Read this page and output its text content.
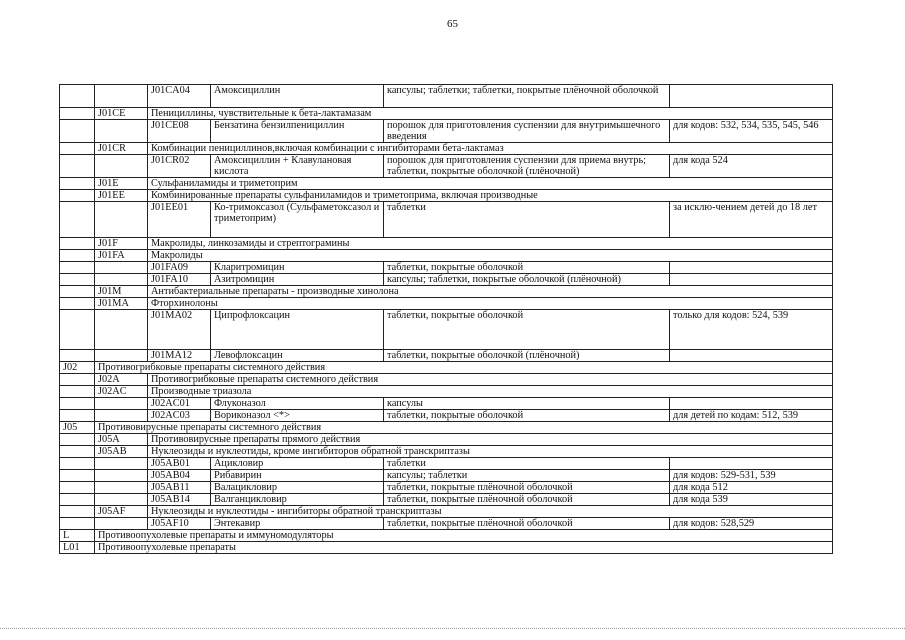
65
		J01CA04	Амоксициллин	капсулы; таблетки; таблетки, покрытые плёночной оболочкой	
	J01CE	Пенициллины, чувствительные к бета-лактамазам			
		J01CE08	Бензатина бензилпенициллин	порошок для приготовления суспензии для внутримышечного введения	для кодов: 532, 534, 535, 545, 546
	J01CR	Комбинации пенициллинов,включая комбинации с ингибиторами бета-лактамаз			
		J01CR02	Амоксициллин + Клавулановая кислота	порошок для приготовления суспензии для приема внутрь; таблетки, покрытые оболочкой (плёночной)	для кода 524
	J01E	Сульфаниламиды и триметоприм			
	J01EE	Комбинированные препараты сульфаниламидов и триметоприма, включая производные			
		J01EE01	Ко-тримоксазол (Сульфаметоксазол и триметоприм)	таблетки	за исклю-чением детей до 18 лет
	J01F	Макролиды, линкозамиды и стрептограмины			
	J01FA	Макролиды			
		J01FA09	Кларитромицин	таблетки, покрытые оболочкой	
		J01FA10	Азитромицин	капсулы; таблетки, покрытые оболочкой (плёночной)	
	J01M	Антибактериальные препараты - производные хинолона			
	J01MA	Фторхинолоны			
		J01MA02	Ципрофлоксацин	таблетки, покрытые оболочкой	только для кодов: 524, 539
		J01MA12	Левофлоксацин	таблетки, покрытые оболочкой (плёночной)	
J02	Противогрибковые препараты системного действия				
	J02A	Противогрибковые препараты системного действия			
	J02AC	Производные триазола			
		J02AC01	Флуконазол	капсулы	
		J02AC03	Вориконазол <*>	таблетки, покрытые оболочкой	для детей по кодам: 512, 539
J05	Противовирусные препараты системного действия				
	J05A	Противовирусные препараты прямого действия			
	J05AB	Нуклеозиды и нуклеотиды, кроме ингибиторов обратной транскриптазы			
		J05AB01	Ацикловир	таблетки	
		J05AB04	Рибавирин	капсулы; таблетки	для кодов: 529-531, 539
		J05AB11	Валацикловир	таблетки, покрытые плёночной оболочкой	для кода 512
		J05AB14	Валганцикловир	таблетки, покрытые плёночной оболочкой	для кода 539
	J05AF	Нуклеозиды и нуклеотиды - ингибиторы обратной транскриптазы			
		J05AF10	Энтекавир	таблетки, покрытые плёночной оболочкой	для кодов: 528,529
L	Противоопухолевые препараты и иммуномодуляторы				
L01	Противоопухолевые препараты				
